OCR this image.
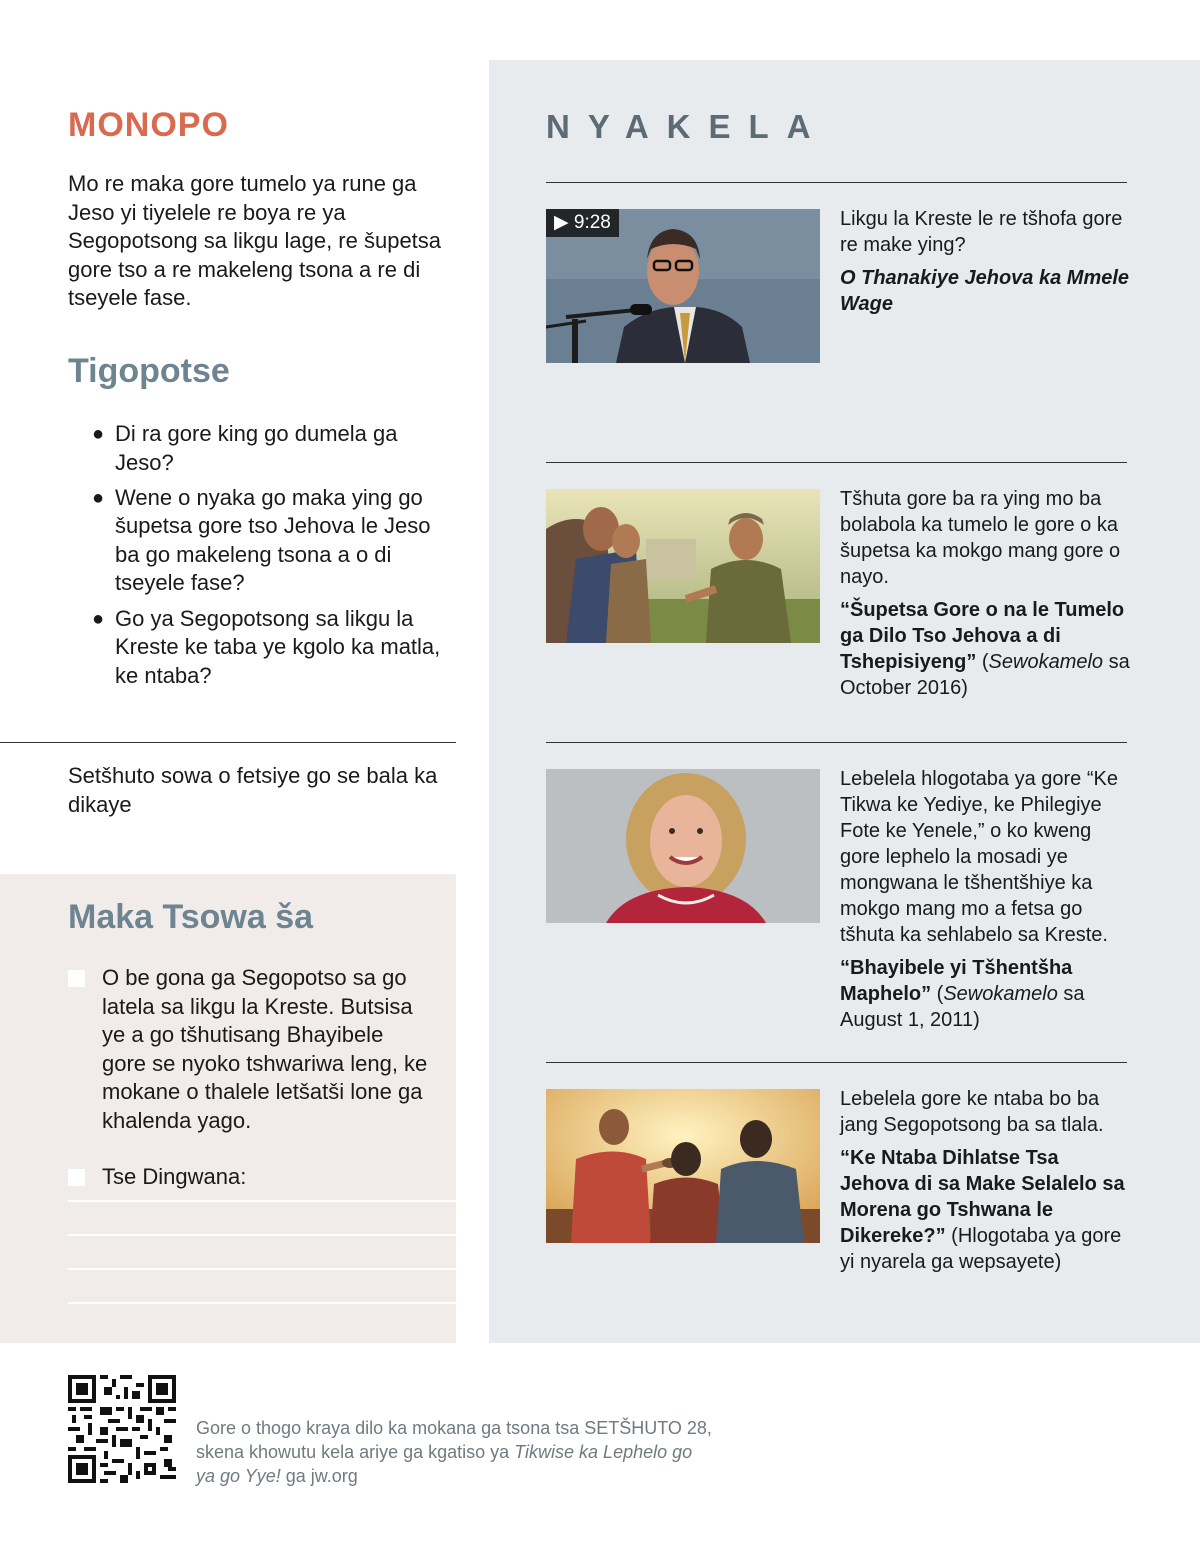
MONOPO

Mo re maka gore tumelo ya rune ga Jeso yi tiyelele re boya re ya Segopotsong sa likgu lage, re šupetsa gore tso a re makeleng tsona a re di tseyele fase.

Tigopotse
● Di ra gore king go dumela ga Jeso?
● Wene o nyaka go maka ying go šupetsa gore tso Jehova le Jeso ba go makeleng tsona a o di tseyele fase?
● Go ya Segopotsong sa likgu la Kreste ke taba ye kgolo ka matla, ke ntaba?

Setšhuto sowa o fetsiye go se bala ka dikaye

Maka Tsowa ša

O be gona ga Segopotso sa go latela sa likgu la Kreste. Butsisa ye a go tšhutisang Bhayibele gore se nyoko tshwariwa leng, ke mokane o thalele letšatši lone ga khalenda yago.

Tse Dingwana:

NYAKELA
▶ 9:28	Likgu la Kreste le re tšhofa gore re make ying?

O Thanakiye Jehova ka Mmele Wage

Tšhuta gore ba ra ying mo ba bolabola ka tumelo le gore o ka šupetsa ka mokgo mang gore o nayo.

“Šupetsa Gore o na le Tumelo ga Dilo Tso Jehova a di Tshepisiyeng” (Sewokamelo sa October 2016)

Lebelela hlogotaba ya gore “Ke Tikwa ke Yediye, ke Philegiye Fote ke Yenele,” o ko kweng gore lephelo la mosadi ye mongwana le tšhentšhiye ka mokgo mang mo a fetsa go tšhuta ka sehlabelo sa Kreste.

“Bhayibele yi Tšhentšha Maphelo” (Sewokamelo sa August 1, 2011)

Lebelela gore ke ntaba bo ba jang Segopotsong ba sa tlala.

“Ke Ntaba Dihlatse Tsa Jehova di sa Make Selalelo sa Morena go Tshwana le Dikereke?” (Hlogotaba ya gore yi nyarela ga wepsayete)

Gore o thogo kraya dilo ka mokana ga tsona tsa SETŠHUTO 28, skena khowutu kela ariye ga kgatiso ya Tikwise ka Lephelo go ya go Yye! ga jw.org
